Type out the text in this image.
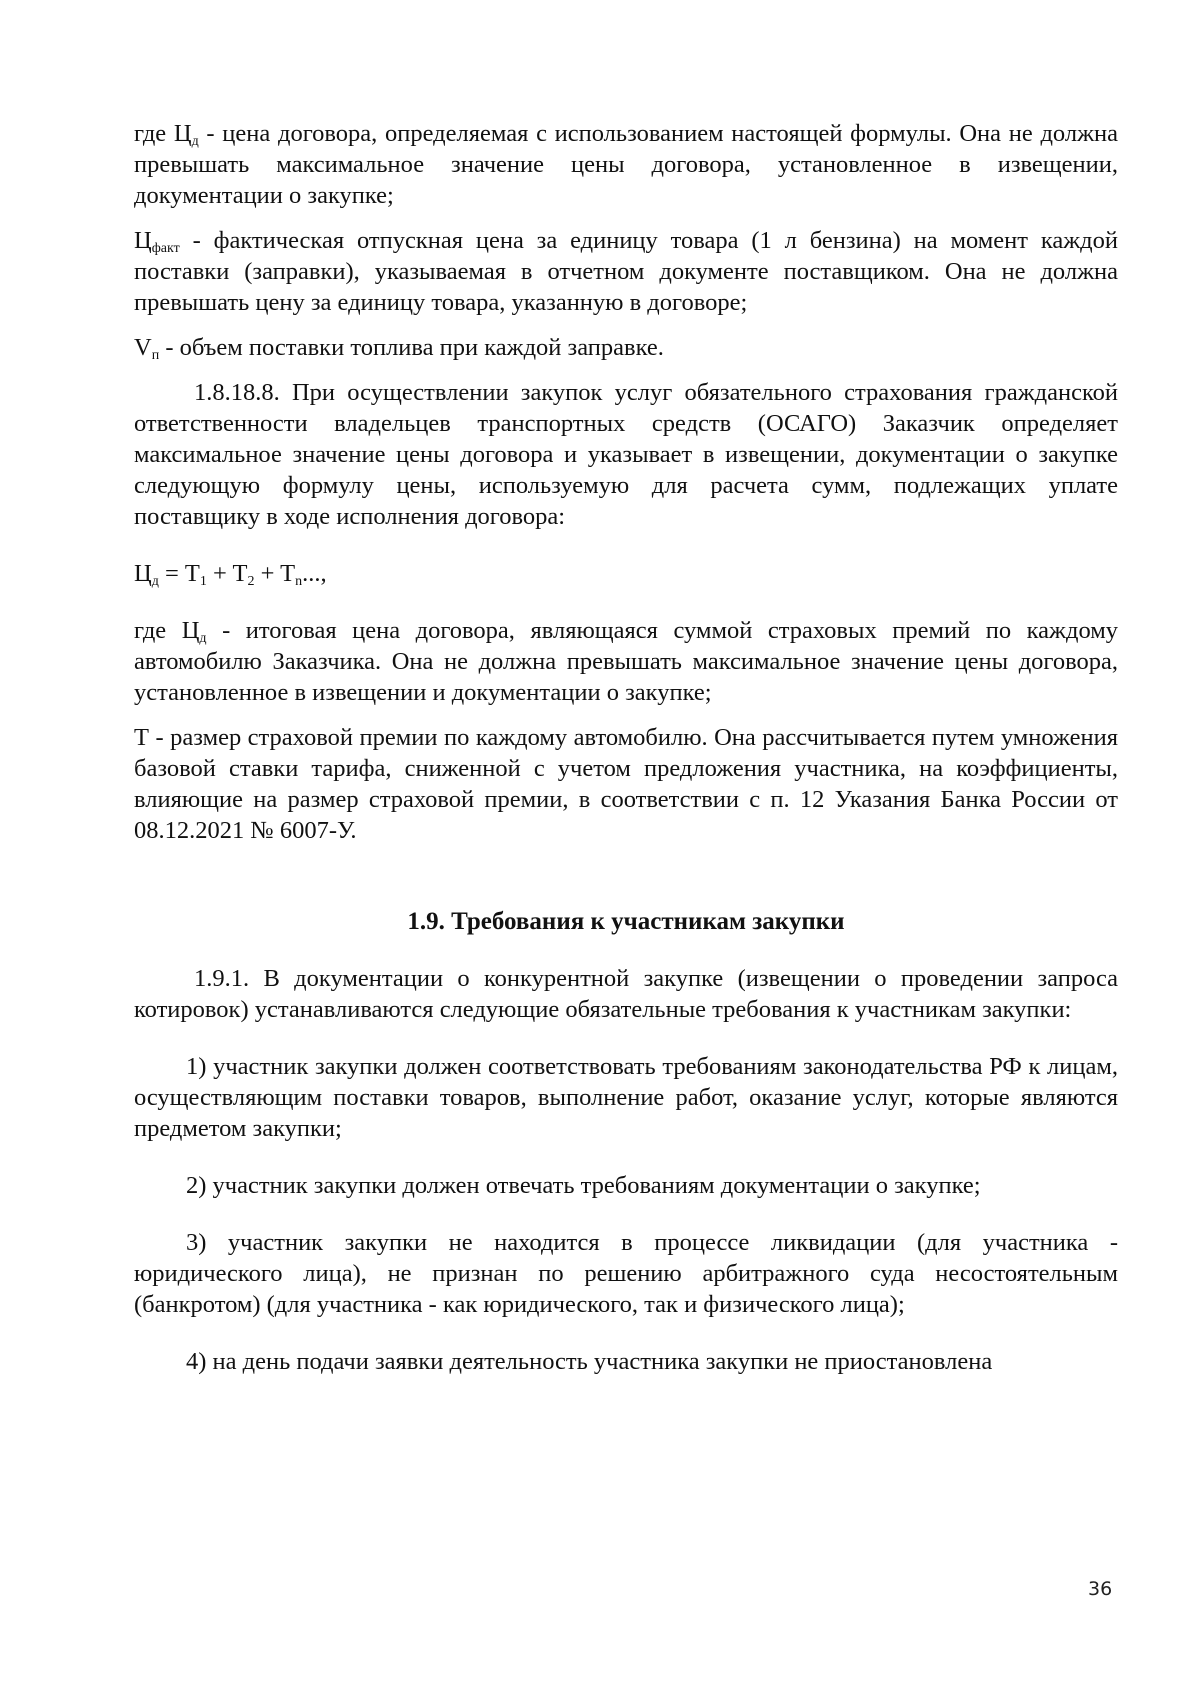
где $Ц_д$ - цена договора, определяемая с использованием настоящей формулы. Она не должна превышать максимальное значение цены договора, установленное в извещении, документации о закупке;

$Ц_{факт}$ - фактическая отпускная цена за единицу товара (1 л бензина) на момент каждой поставки (заправки), указываемая в отчетном документе поставщиком. Она не должна превышать цену за единицу товара, указанную в договоре;

$V_п$ - объем поставки топлива при каждой заправке.

1.8.18.8. При осуществлении закупок услуг обязательного страхования гражданской ответственности владельцев транспортных средств (ОСАГО) Заказчик определяет максимальное значение цены договора и указывает в извещении, документации о закупке следующую формулу цены, используемую для расчета сумм, подлежащих уплате поставщику в ходе исполнения договора:

$Ц_д = T_1 + T_2 + T_n$...,

где $Ц_д$ - итоговая цена договора, являющаяся суммой страховых премий по каждому автомобилю Заказчика. Она не должна превышать максимальное значение цены договора, установленное в извещении и документации о закупке;

Т - размер страховой премии по каждому автомобилю. Она рассчитывается путем умножения базовой ставки тарифа, сниженной с учетом предложения участника, на коэффициенты, влияющие на размер страховой премии, в соответствии с п. 12 Указания Банка России от 08.12.2021 № 6007-У.

1.9. Требования к участникам закупки

1.9.1. В документации о конкурентной закупке (извещении о проведении запроса котировок) устанавливаются следующие обязательные требования к участникам закупки:

1) участник закупки должен соответствовать требованиям законодательства РФ к лицам, осуществляющим поставки товаров, выполнение работ, оказание услуг, которые являются предметом закупки;

2) участник закупки должен отвечать требованиям документации о закупке;

3) участник закупки не находится в процессе ликвидации (для участника - юридического лица), не признан по решению арбитражного суда несостоятельным (банкротом) (для участника - как юридического, так и физического лица);

4) на день подачи заявки деятельность участника закупки не приостановлена

36
